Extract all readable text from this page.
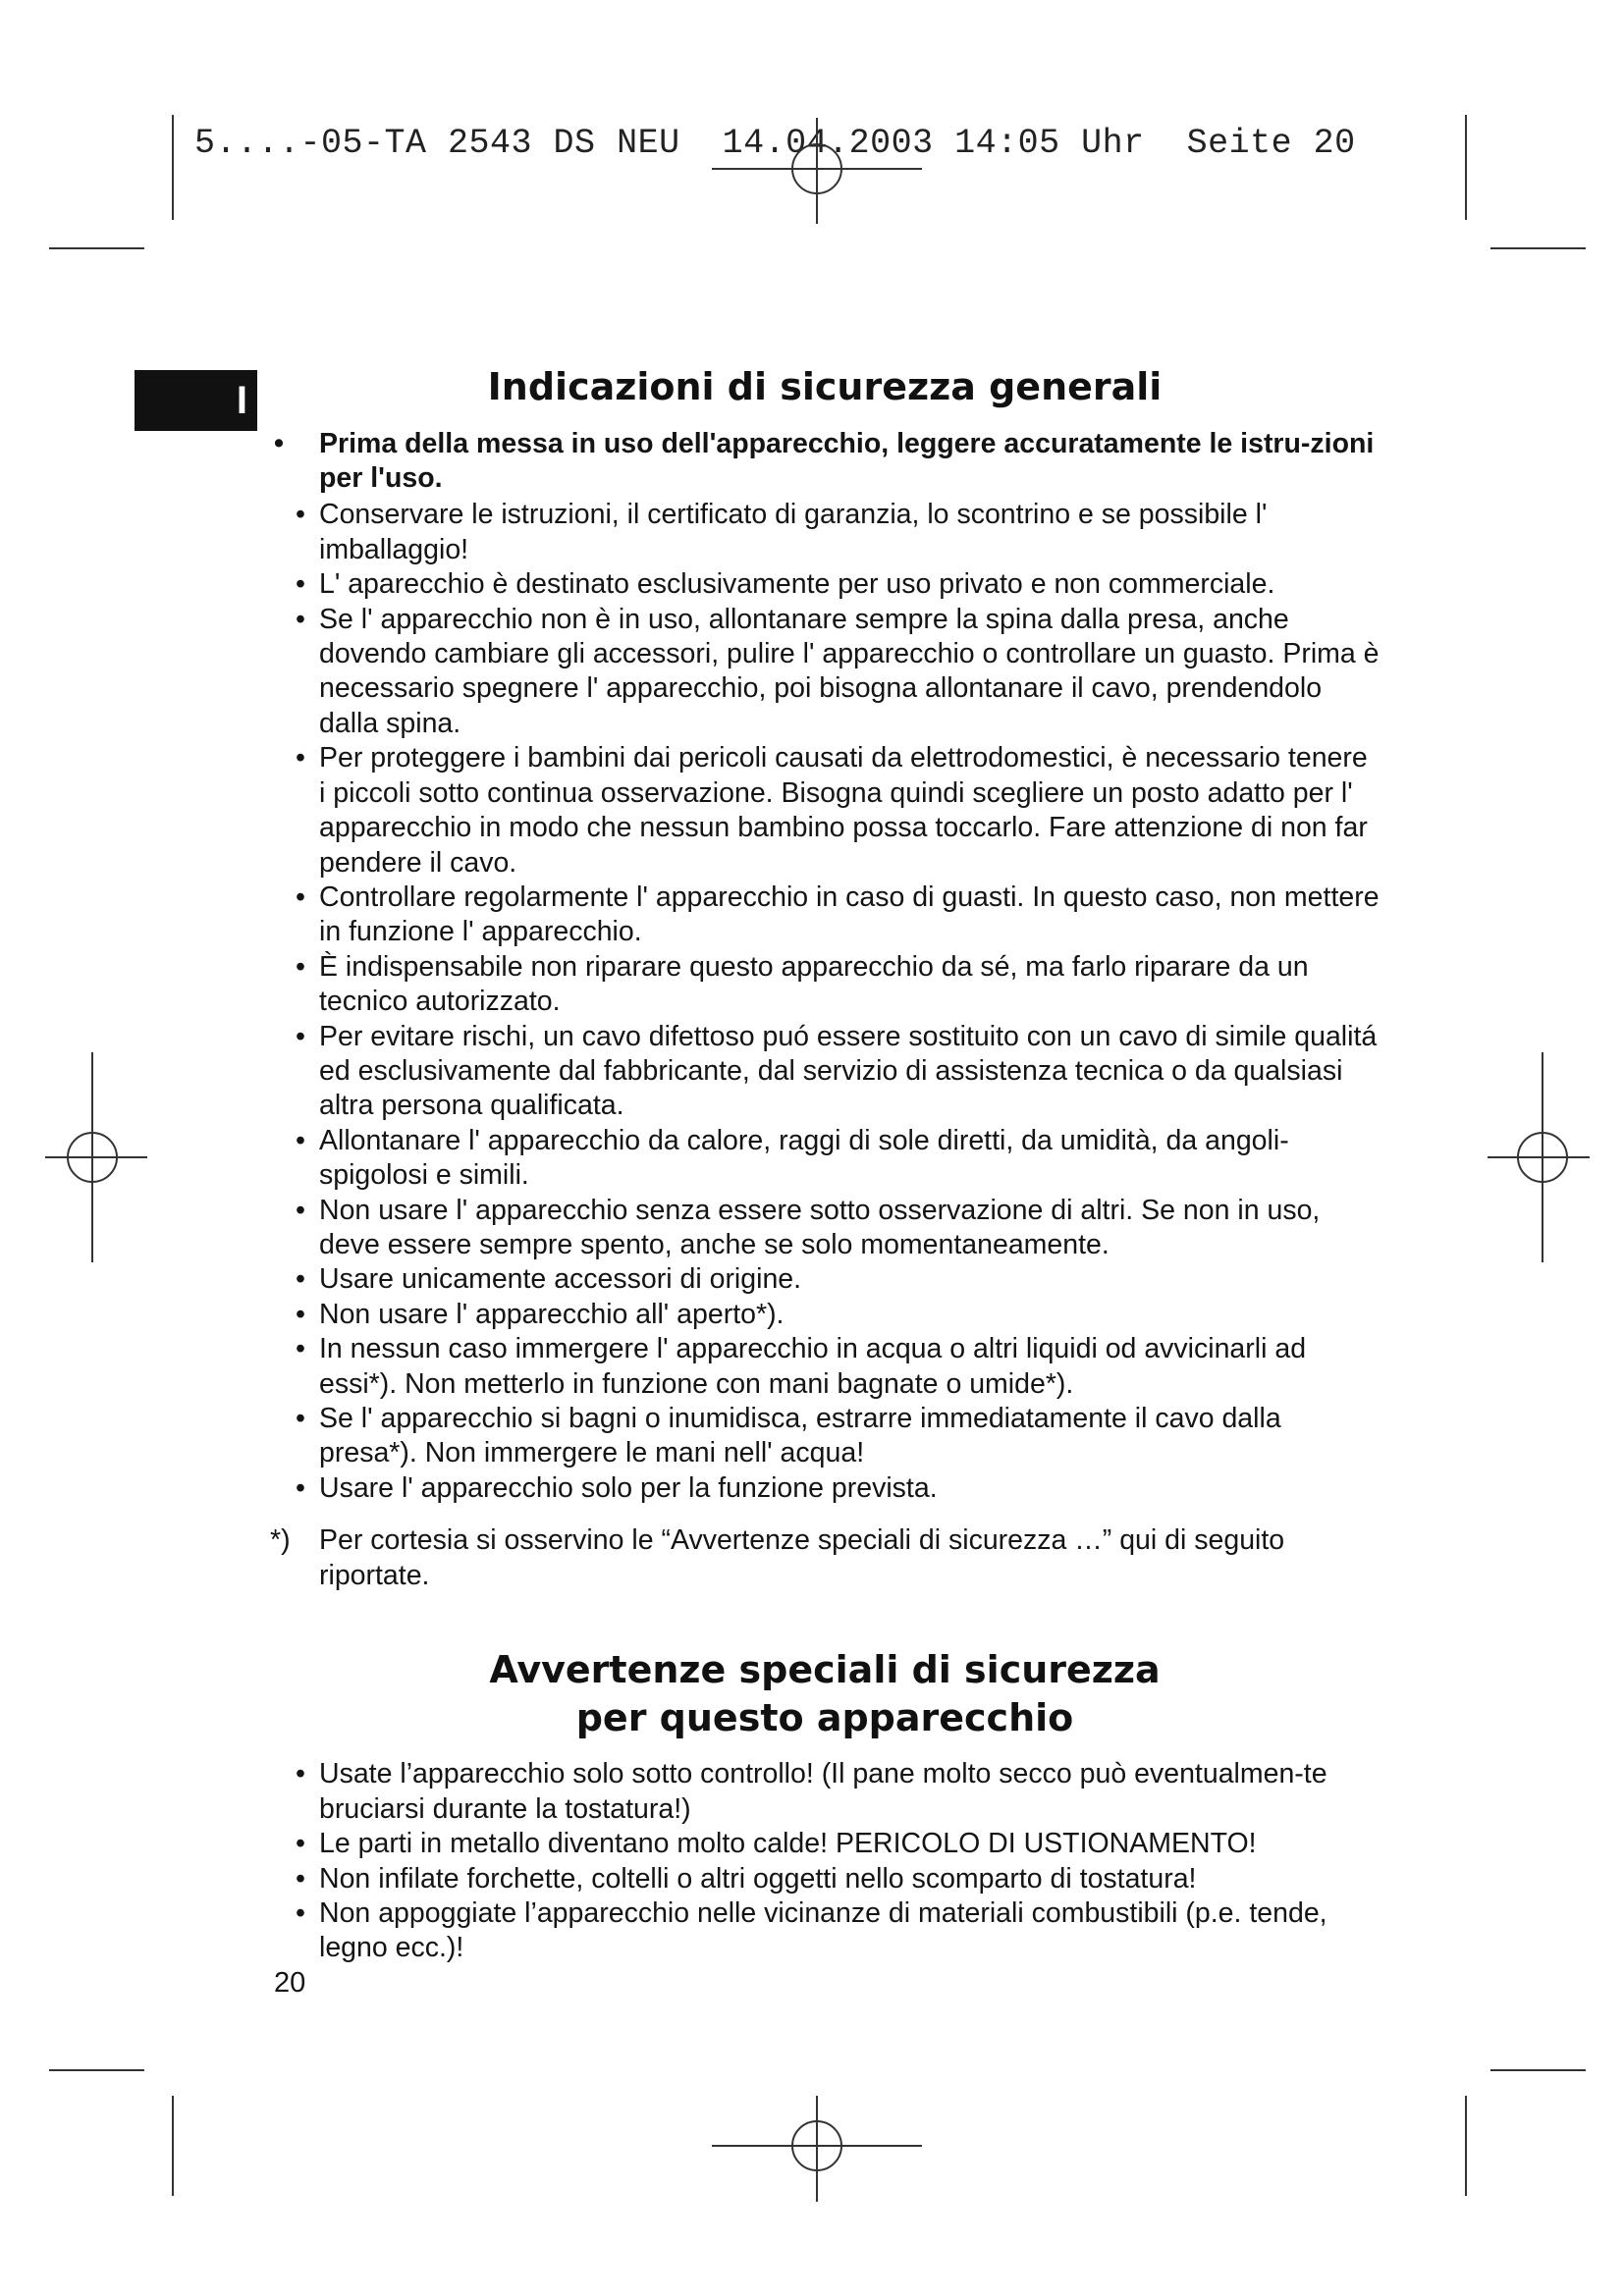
5....-05-TA 2543 DS NEU  14.04.2003 14:05 Uhr  Seite 20
I	Indicazioni di sicurezza generali
• Prima della messa in uso dell'apparecchio, leggere accuratamente le istru-zioni per l'uso.
• Conservare le istruzioni, il certificato di garanzia, lo scontrino e se possibile l' imballaggio!
• L' aparecchio è destinato esclusivamente per uso privato e non commerciale.
• Se l' apparecchio non è in uso, allontanare sempre la spina dalla presa, anche dovendo cambiare gli accessori, pulire l' apparecchio o controllare un guasto. Prima è necessario spegnere l' apparecchio, poi bisogna allontanare il cavo, prendendolo dalla spina.
• Per proteggere i bambini dai pericoli causati da elettrodomestici, è necessario tenere i piccoli sotto continua osservazione. Bisogna quindi scegliere un posto adatto per l' apparecchio in modo che nessun bambino possa toccarlo. Fare attenzione di non far pendere il cavo.
• Controllare regolarmente l' apparecchio in caso di guasti. In questo caso, non mettere in funzione l' apparecchio.
• È indispensabile non riparare questo apparecchio da sé, ma farlo riparare da un tecnico autorizzato.
• Per evitare rischi, un cavo difettoso puó essere sostituito con un cavo di simile qualitá ed esclusivamente dal fabbricante, dal servizio di assistenza tecnica o da qualsiasi altra persona qualificata.
• Allontanare l' apparecchio da calore, raggi di sole diretti, da umidità, da angoli-spigolosi e simili.
• Non usare l' apparecchio senza essere sotto osservazione di altri. Se non in uso, deve essere sempre spento, anche se solo momentaneamente.
• Usare unicamente accessori di origine.
• Non usare l' apparecchio all' aperto*).
• In nessun caso immergere l' apparecchio in acqua o altri liquidi od avvicinarli ad essi*). Non metterlo in funzione con mani bagnate o umide*).
• Se l' apparecchio si bagni o inumidisca, estrarre immediatamente il cavo dalla presa*). Non immergere le mani nell' acqua!
• Usare l' apparecchio solo per la funzione prevista.

*) Per cortesia si osservino le “Avvertenze speciali di sicurezza …” qui di seguito riportate.

Avvertenze speciali di sicurezza
per questo apparecchio
• Usate l’apparecchio solo sotto controllo! (Il pane molto secco può eventualmen-te bruciarsi durante la tostatura!)
• Le parti in metallo diventano molto calde! PERICOLO DI USTIONAMENTO!
• Non infilate forchette, coltelli o altri oggetti nello scomparto di tostatura!
• Non appoggiate l’apparecchio nelle vicinanze di materiali combustibili (p.e. tende, legno ecc.)!
20
